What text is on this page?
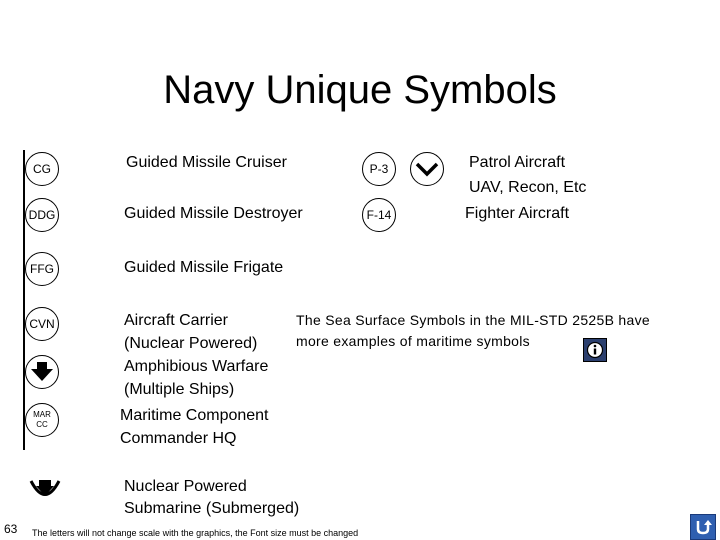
Navy Unique Symbols
CG
DDG
FFG
CVN
MAR
CC
Guided Missile Cruiser
Guided Missile Destroyer
Guided Missile Frigate
Aircraft Carrier
(Nuclear Powered)
Amphibious Warfare
(Multiple Ships)
Maritime Component
Commander HQ
Nuclear Powered
Submarine (Submerged)
P-3
F-14
Patrol Aircraft
UAV, Recon, Etc
Fighter Aircraft
The Sea Surface Symbols in the MIL-STD 2525B have
more examples of maritime symbols
63 The letters will not change scale with the graphics, the Font size must be changed
